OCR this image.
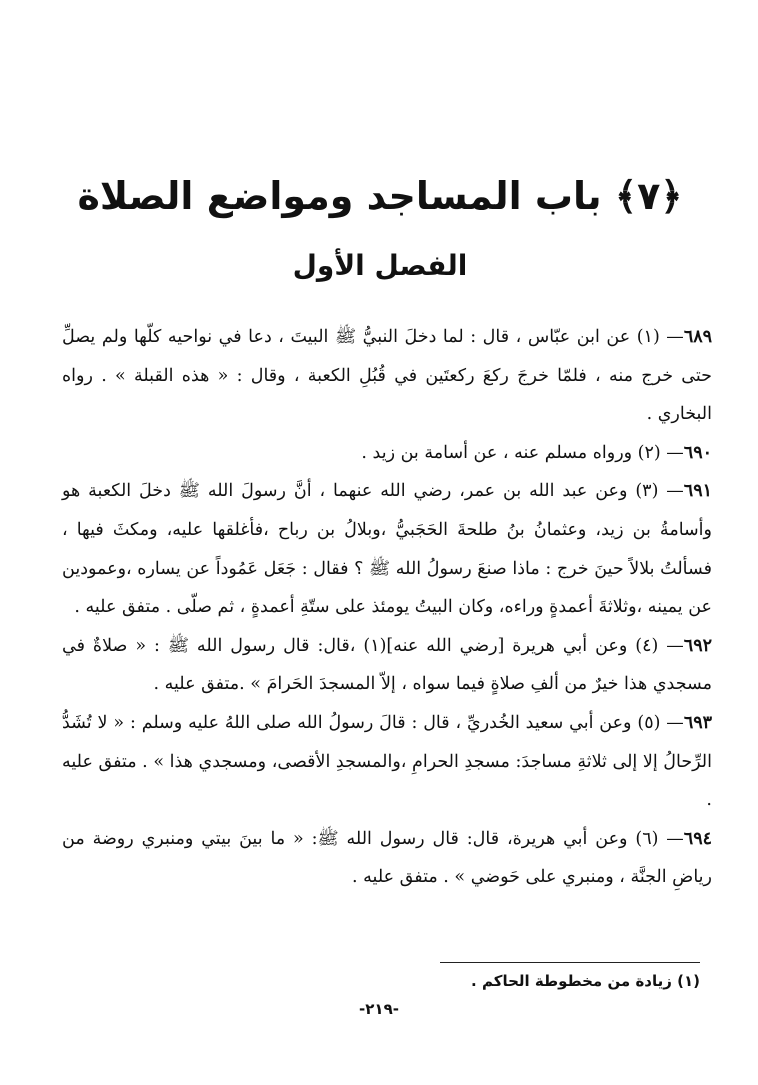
﴿٧﴾ باب المساجد ومواضع الصلاة
الفصل الأول

٦٨٩— (١) عن ابن عبّاس ، قال : لما دخلَ النبيُّ ﷺ البيتَ ، دعا في نواحيه كلّها ولم يصلِّ حتى خرج منه ، فلمّا خرجَ ركعَ ركعتَين في قُبُلِ الكعبة ، وقال : « هذه القبلة » . رواه البخاري .

٦٩٠— (٢) ورواه مسلم عنه ، عن أسامة بن زيد .

٦٩١— (٣) وعن عبد الله بن عمر، رضي الله عنهما ، أنَّ رسولَ الله ﷺ دخلَ الكعبة هو وأسامةُ بن زيد، وعثمانُ بنُ طلحةَ الحَجَبيُّ ،وبلالُ بن رباح ،فأغلقها عليه، ومكثَ فيها ، فسألتُ بلالاً حينَ خرج : ماذا صنعَ رسولُ الله ﷺ ؟ فقال : جَعَل عَمُوداً عن يساره ،وعمودين عن يمينه ،وثلاثةَ أعمدةٍ وراءه، وكان البيتُ يومئذ على ستّةِ أعمدةٍ ، ثم صلّى . متفق عليه .

٦٩٢— (٤) وعن أبي هريرة [رضي الله عنه](١) ،قال: قال رسول الله ﷺ : « صلاةٌ في مسجدي هذا خيرٌ من ألفِ صلاةٍ فيما سواه ، إلاّ المسجدَ الحَرامَ » .متفق عليه .

٦٩٣— (٥) وعن أبي سعيد الخُدريِّ ، قال : قالَ رسولُ الله صلى اللهُ عليه وسلم : « لا تُشَدُّ الرِّحالُ إلا إلى ثلاثةِ مساجدَ: مسجدِ الحرامِ ،والمسجدِ الأقصى، ومسجدي هذا » . متفق عليه .

٦٩٤— (٦) وعن أبي هريرة، قال: قال رسول الله ﷺ: « ما بينَ بيتي ومنبري روضة من رياضِ الجنَّة ، ومنبري على حَوضي » . متفق عليه .

(١) زيادة من مخطوطة الحاكم .
-٢١٩-
